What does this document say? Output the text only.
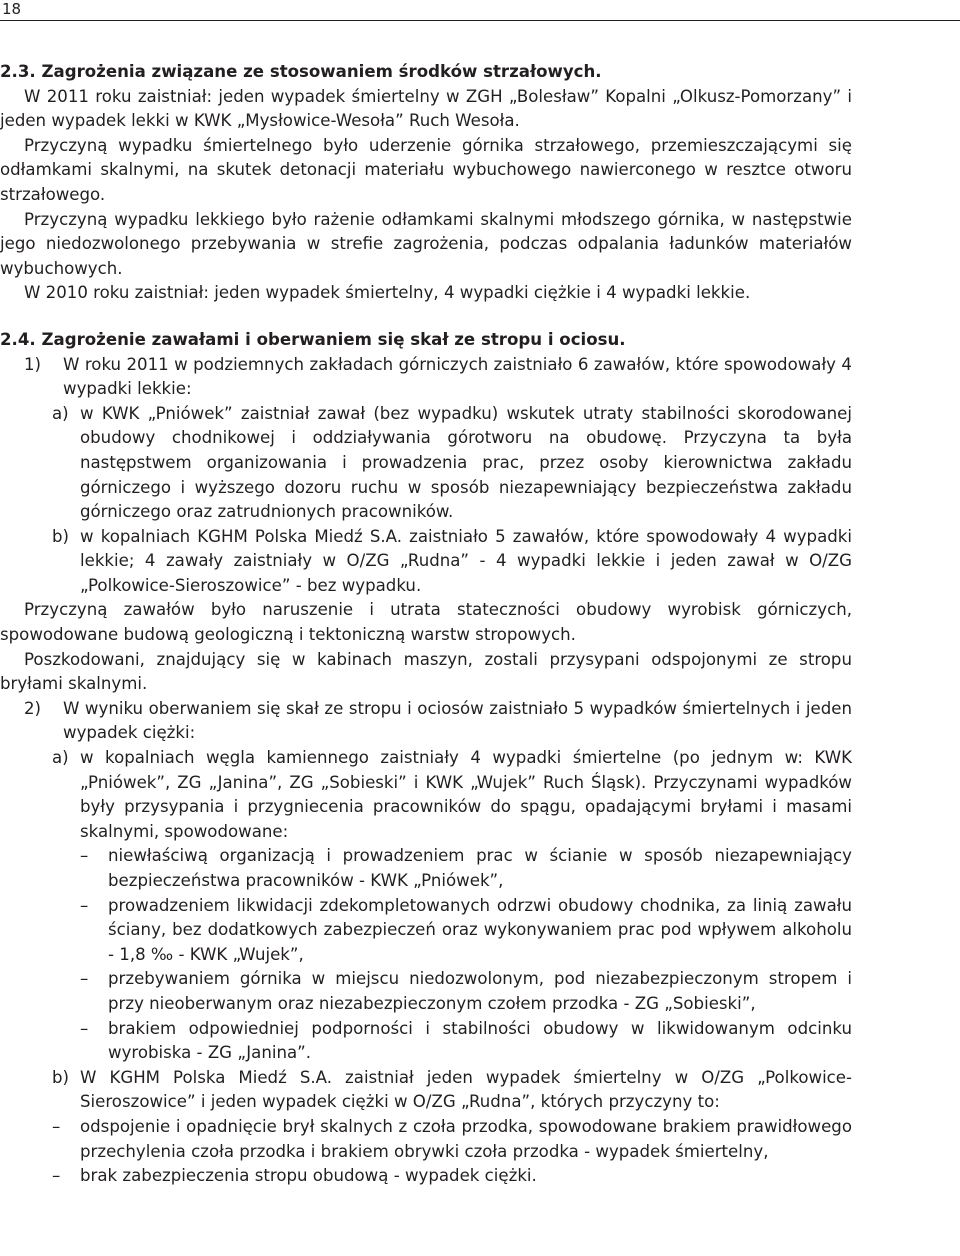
18

2.3. Zagrożenia związane ze stosowaniem środków strzałowych.

W 2011 roku zaistniał: jeden wypadek śmiertelny w ZGH „Bolesław” Kopalni „Olkusz-Pomorzany” i jeden wypadek lekki w KWK „Mysłowice-Wesoła” Ruch Wesoła.

Przyczyną wypadku śmiertelnego było uderzenie górnika strzałowego, przemieszczającymi się odłamkami skalnymi, na skutek detonacji materiału wybuchowego nawierconego w resztce otworu strzałowego.

Przyczyną wypadku lekkiego było rażenie odłamkami skalnymi młodszego górnika, w następstwie jego niedozwolonego przebywania w strefie zagrożenia, podczas odpalania ładunków materiałów wybuchowych.

W 2010 roku zaistniał: jeden wypadek śmiertelny, 4 wypadki ciężkie i 4 wypadki lekkie.

2.4. Zagrożenie zawałami i oberwaniem się skał ze stropu i ociosu.

1)	W roku 2011 w podziemnych zakładach górniczych zaistniało 6 zawałów, które spowodowały 4 wypadki lekkie:
a) w KWK „Pniówek” zaistniał zawał (bez wypadku) wskutek utraty stabilności skorodowanej obudowy chodnikowej i oddziaływania górotworu na obudowę. Przyczyna ta była następstwem organizowania i prowadzenia prac, przez osoby kierownictwa zakładu górniczego i wyższego dozoru ruchu w sposób niezapewniający bezpieczeństwa zakładu górniczego oraz zatrudnionych pracowników.
b) w kopalniach KGHM Polska Miedź S.A. zaistniało 5 zawałów, które spowodowały 4 wypadki lekkie; 4 zawały zaistniały w O/ZG „Rudna” - 4 wypadki lekkie i jeden zawał w O/ZG „Polkowice-Sieroszowice” - bez wypadku.

Przyczyną zawałów było naruszenie i utrata stateczności obudowy wyrobisk górniczych, spowodowane budową geologiczną i tektoniczną warstw stropowych.

Poszkodowani, znajdujący się w kabinach maszyn, zostali przysypani odspojonymi ze stropu bryłami skalnymi.

2)	W wyniku oberwaniem się skał ze stropu i ociosów zaistniało 5 wypadków śmiertelnych i jeden wypadek ciężki:
a) w kopalniach węgla kamiennego zaistniały 4 wypadki śmiertelne (po jednym w: KWK „Pniówek”, ZG „Janina”, ZG „Sobieski” i KWK „Wujek” Ruch Śląsk). Przyczynami wypadków były przysypania i przygniecenia pracowników do spągu, opadającymi bryłami i masami skalnymi, spowodowane:
–	niewłaściwą organizacją i prowadzeniem prac w ścianie w sposób niezapewniający bezpieczeństwa pracowników - KWK „Pniówek”,
–	prowadzeniem likwidacji zdekompletowanych odrzwi obudowy chodnika, za linią zawału ściany, bez dodatkowych zabezpieczeń oraz wykonywaniem prac pod wpływem alkoholu - 1,8 ‰ - KWK „Wujek”,
–	przebywaniem górnika w miejscu niedozwolonym, pod niezabezpieczonym stropem i przy nieoberwanym oraz niezabezpieczonym czołem przodka - ZG „Sobieski”,
–	brakiem odpowiedniej podporności i stabilności obudowy w likwidowanym odcinku wyrobiska - ZG „Janina”.
b) W KGHM Polska Miedź S.A. zaistniał jeden wypadek śmiertelny w O/ZG „Polkowice-Sieroszowice” i jeden wypadek ciężki w O/ZG „Rudna”, których przyczyny to:
–	odspojenie i opadnięcie brył skalnych z czoła przodka, spowodowane brakiem prawidłowego przechylenia czoła przodka i brakiem obrywki czoła przodka - wypadek śmiertelny,
–	brak zabezpieczenia stropu obudową - wypadek ciężki.
